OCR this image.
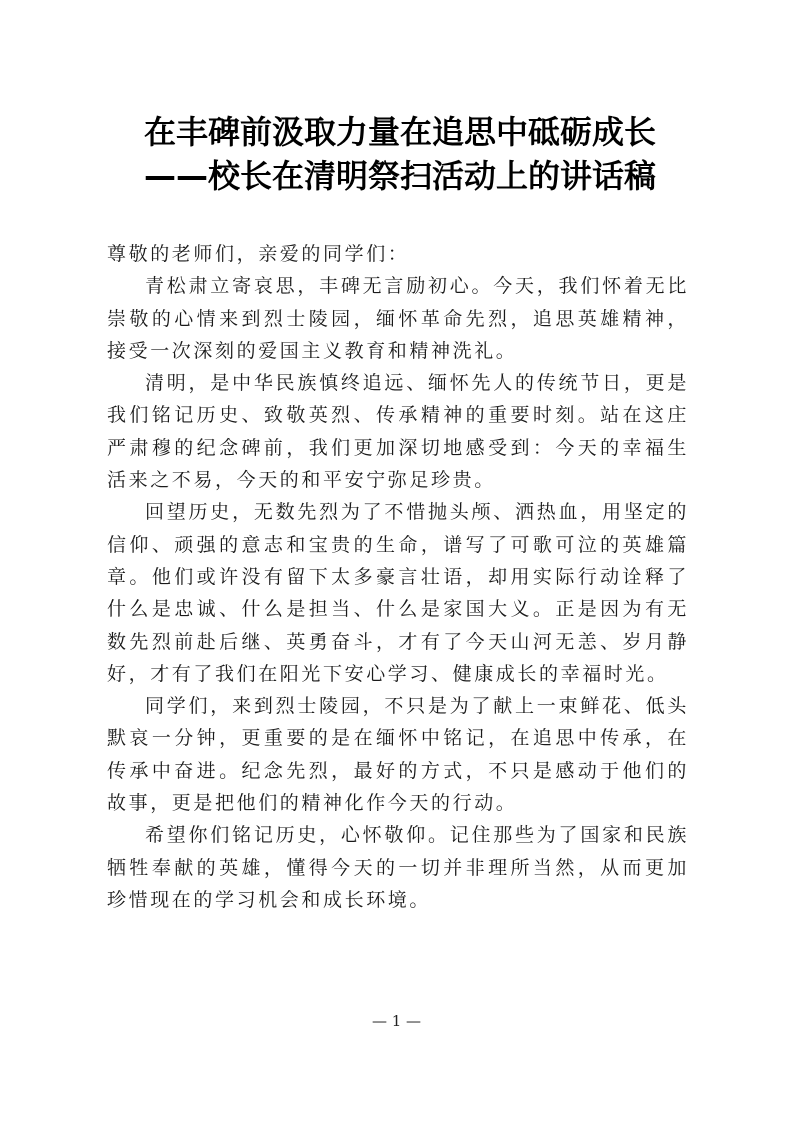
在丰碑前汲取力量在追思中砥砺成长
——校长在清明祭扫活动上的讲话稿

尊敬的老师们，亲爱的同学们：

青松肃立寄哀思，丰碑无言励初心。今天，我们怀着无比崇敬的心情来到烈士陵园，缅怀革命先烈，追思英雄精神，接受一次深刻的爱国主义教育和精神洗礼。

清明，是中华民族慎终追远、缅怀先人的传统节日，更是我们铭记历史、致敬英烈、传承精神的重要时刻。站在这庄严肃穆的纪念碑前，我们更加深切地感受到：今天的幸福生活来之不易，今天的和平安宁弥足珍贵。

回望历史，无数先烈为了不惜抛头颅、洒热血，用坚定的信仰、顽强的意志和宝贵的生命，谱写了可歌可泣的英雄篇章。他们或许没有留下太多豪言壮语，却用实际行动诠释了什么是忠诚、什么是担当、什么是家国大义。正是因为有无数先烈前赴后继、英勇奋斗，才有了今天山河无恙、岁月静好，才有了我们在阳光下安心学习、健康成长的幸福时光。

同学们，来到烈士陵园，不只是为了献上一束鲜花、低头默哀一分钟，更重要的是在缅怀中铭记，在追思中传承，在传承中奋进。纪念先烈，最好的方式，不只是感动于他们的故事，更是把他们的精神化作今天的行动。

希望你们铭记历史，心怀敬仰。记住那些为了国家和民族牺牲奉献的英雄，懂得今天的一切并非理所当然，从而更加珍惜现在的学习机会和成长环境。

— 1 —
